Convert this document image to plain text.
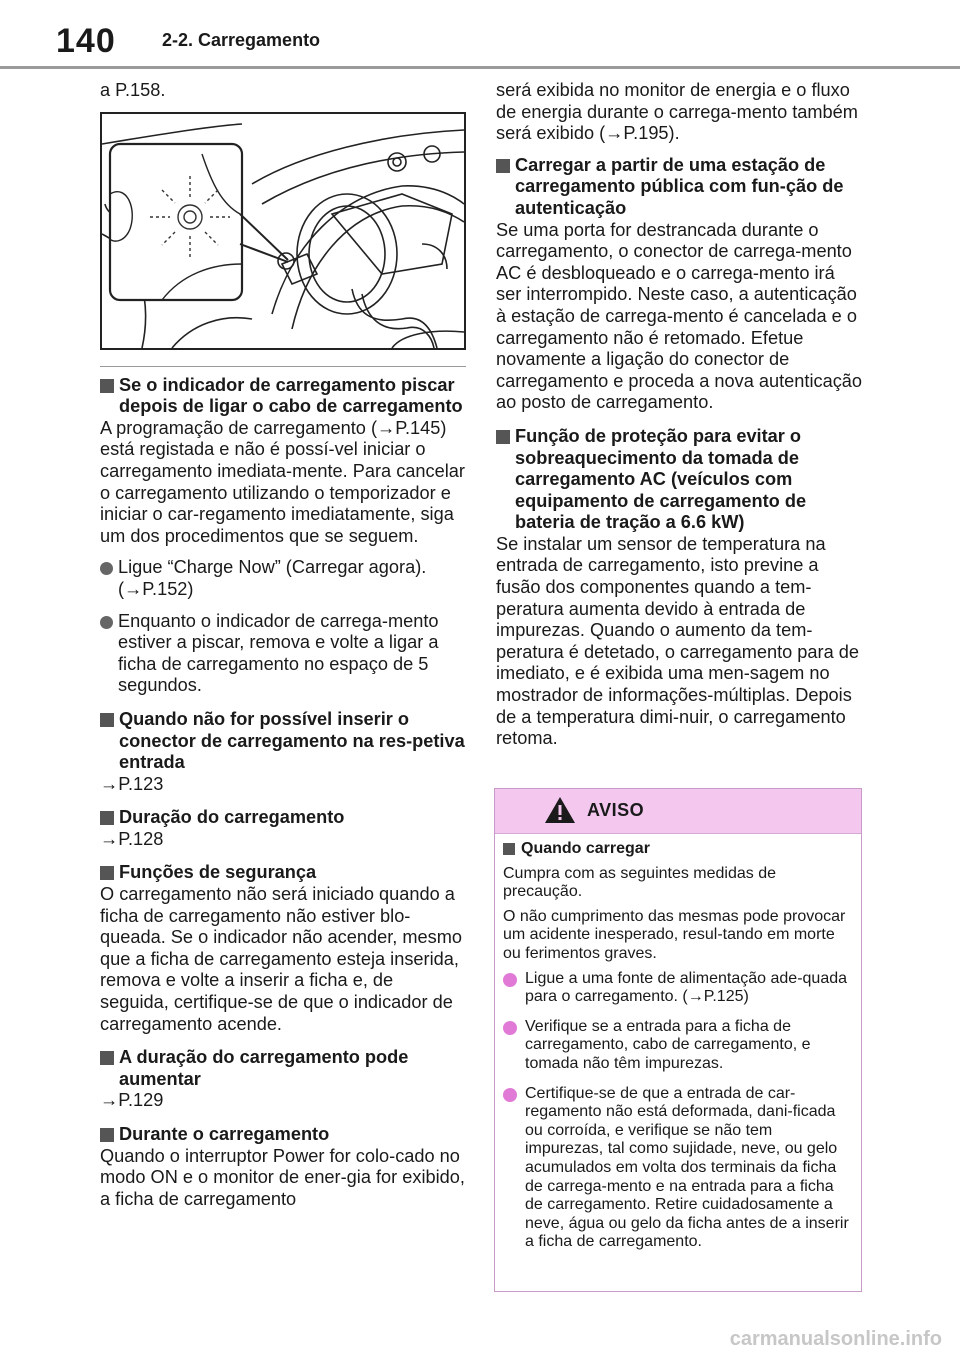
140	2-2. Carregamento

a P.158.

Se o indicador de carregamento piscar depois de ligar o cabo de carregamento

A programação de carregamento (→P.145) está registada e não é possí-vel iniciar o carregamento imediata-mente. Para cancelar o carregamento utilizando o temporizador e iniciar o car-regamento imediatamente, siga um dos procedimentos que se seguem.

Ligue “Charge Now” (Carregar agora). (→P.152)
Enquanto o indicador de carrega-mento estiver a piscar, remova e volte a ligar a ficha de carregamento no espaço de 5 segundos.

Quando não for possível inserir o conector de carregamento na res-petiva entrada

→P.123

Duração do carregamento

→P.128

Funções de segurança

O carregamento não será iniciado quando a ficha de carregamento não estiver blo-queada. Se o indicador não acender, mesmo que a ficha de carregamento esteja inserida, remova e volte a inserir a ficha e, de seguida, certifique-se de que o indicador de carregamento acende.

A duração do carregamento pode aumentar

→P.129

Durante o carregamento

Quando o interruptor Power for colo-cado no modo ON e o monitor de ener-gia for exibido, a ficha de carregamento

será exibida no monitor de energia e o fluxo de energia durante o carrega-mento também será exibido (→P.195).

Carregar a partir de uma estação de carregamento pública com fun-ção de autenticação

Se uma porta for destrancada durante o carregamento, o conector de carrega-mento AC é desbloqueado e o carrega-mento irá ser interrompido. Neste caso, a autenticação à estação de carrega-mento é cancelada e o carregamento não é retomado. Efetue novamente a ligação do conector de carregamento e proceda a nova autenticação ao posto de carregamento.

Função de proteção para evitar o sobreaquecimento da tomada de carregamento AC (veículos com equipamento de carregamento de bateria de tração a 6.6 kW)

Se instalar um sensor de temperatura na entrada de carregamento, isto previne a fusão dos componentes quando a tem-peratura aumenta devido à entrada de impurezas. Quando o aumento da tem-peratura é detetado, o carregamento para de imediato, e é exibida uma men-sagem no mostrador de informações-múltiplas. Depois de a temperatura dimi-nuir, o carregamento retoma.

AVISO

Quando carregar

Cumpra com as seguintes medidas de precaução.

O não cumprimento das mesmas pode provocar um acidente inesperado, resul-tando em morte ou ferimentos graves.

Ligue a uma fonte de alimentação ade-quada para o carregamento. (→P.125)
Verifique se a entrada para a ficha de carregamento, cabo de carregamento, e tomada não têm impurezas.
Certifique-se de que a entrada de car-regamento não está deformada, dani-ficada ou corroída, e verifique se não tem impurezas, tal como sujidade, neve, ou gelo acumulados em volta dos terminais da ficha de carrega-mento e na entrada para a ficha de carregamento. Retire cuidadosamente a neve, água ou gelo da ficha antes de a inserir a ficha de carregamento.
carmanualsonline.info
